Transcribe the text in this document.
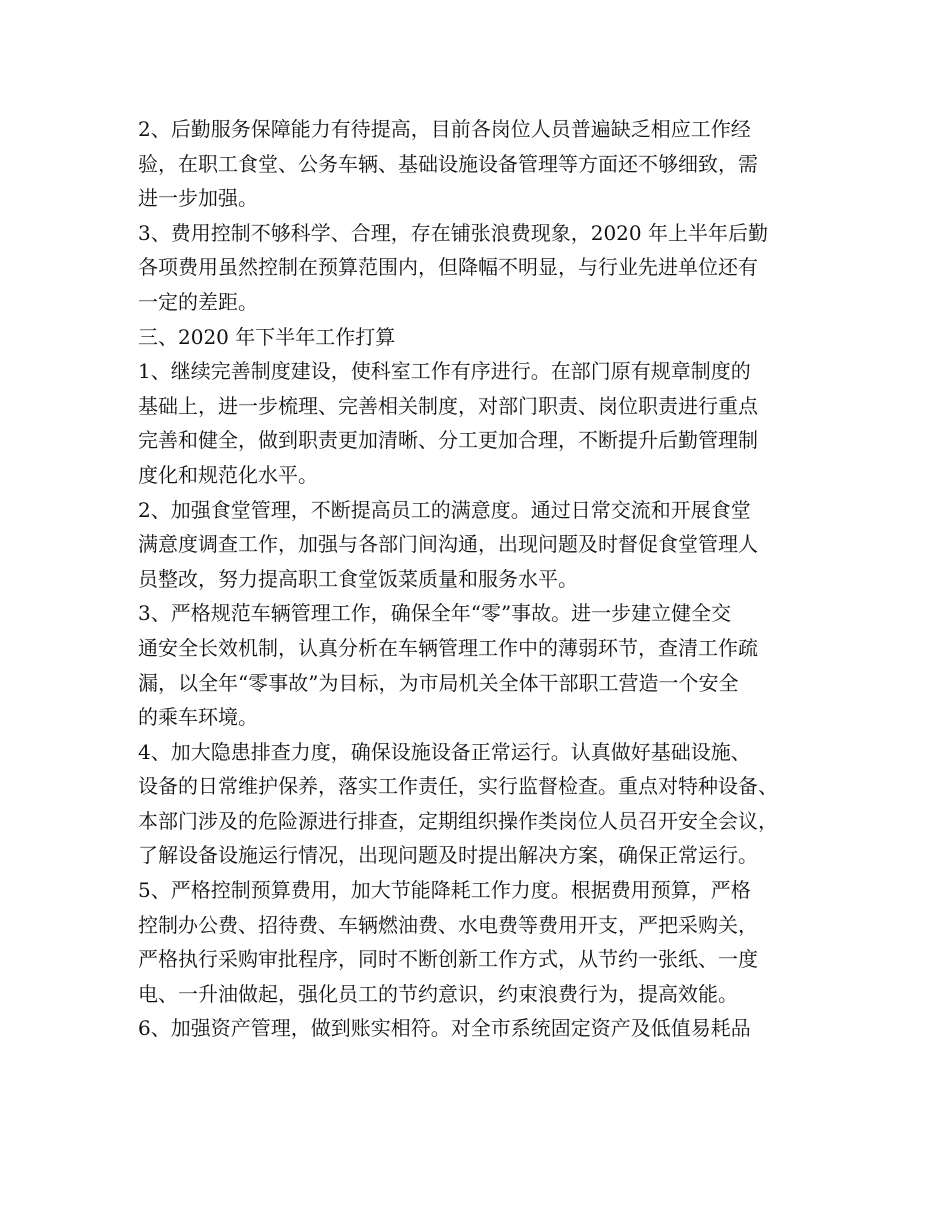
2、后勤服务保障能力有待提高，目前各岗位人员普遍缺乏相应工作经
验，在职工食堂、公务车辆、基础设施设备管理等方面还不够细致，需
进一步加强。
3、费用控制不够科学、合理，存在铺张浪费现象，2020 年上半年后勤
各项费用虽然控制在预算范围内，但降幅不明显，与行业先进单位还有
一定的差距。
三、2020 年下半年工作打算
1、继续完善制度建设，使科室工作有序进行。在部门原有规章制度的
基础上，进一步梳理、完善相关制度，对部门职责、岗位职责进行重点
完善和健全，做到职责更加清晰、分工更加合理，不断提升后勤管理制
度化和规范化水平。
2、加强食堂管理，不断提高员工的满意度。通过日常交流和开展食堂
满意度调查工作，加强与各部门间沟通，出现问题及时督促食堂管理人
员整改，努力提高职工食堂饭菜质量和服务水平。
3、严格规范车辆管理工作，确保全年“零”事故。进一步建立健全交
通安全长效机制，认真分析在车辆管理工作中的薄弱环节，查清工作疏
漏，以全年“零事故”为目标，为市局机关全体干部职工营造一个安全
的乘车环境。
4、加大隐患排查力度，确保设施设备正常运行。认真做好基础设施、
设备的日常维护保养，落实工作责任，实行监督检查。重点对特种设备、
本部门涉及的危险源进行排查，定期组织操作类岗位人员召开安全会议，
了解设备设施运行情况，出现问题及时提出解决方案，确保正常运行。
5、严格控制预算费用，加大节能降耗工作力度。根据费用预算，严格
控制办公费、招待费、车辆燃油费、水电费等费用开支，严把采购关，
严格执行采购审批程序，同时不断创新工作方式，从节约一张纸、一度
电、一升油做起，强化员工的节约意识，约束浪费行为，提高效能。
6、加强资产管理，做到账实相符。对全市系统固定资产及低值易耗品
